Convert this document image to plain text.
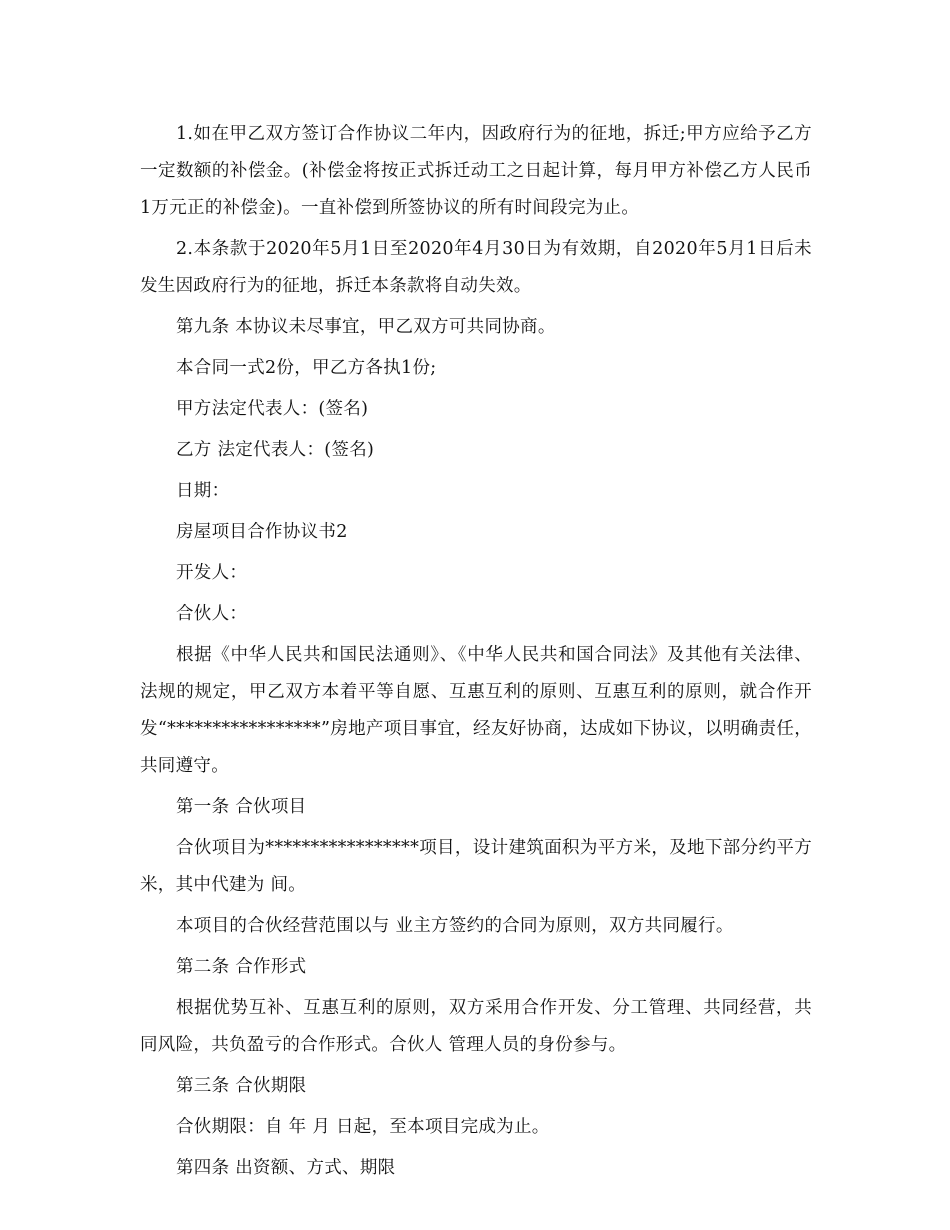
1.如在甲乙双方签订合作协议二年内，因政府行为的征地，拆迁;甲方应给予乙方一定数额的补偿金。(补偿金将按正式拆迁动工之日起计算，每月甲方补偿乙方人民币1万元正的补偿金)。一直补偿到所签协议的所有时间段完为止。

2.本条款于2020年5月1日至2020年4月30日为有效期，自2020年5月1日后未发生因政府行为的征地，拆迁本条款将自动失效。

第九条 本协议未尽事宜，甲乙双方可共同协商。

本合同一式2份，甲乙方各执1份;

甲方法定代表人：(签名)

乙方 法定代表人：(签名)

日期：

房屋项目合作协议书2

开发人：

合伙人：

根据《中华人民共和国民法通则》、《中华人民共和国合同法》及其他有关法律、法规的规定，甲乙双方本着平等自愿、互惠互利的原则、互惠互利的原则，就合作开发“*****************”房地产项目事宜，经友好协商，达成如下协议，以明确责任，共同遵守。

第一条 合伙项目

合伙项目为*****************项目，设计建筑面积为平方米，及地下部分约平方米，其中代建为 间。

本项目的合伙经营范围以与 业主方签约的合同为原则，双方共同履行。

第二条 合作形式

根据优势互补、互惠互利的原则，双方采用合作开发、分工管理、共同经营，共同风险，共负盈亏的合作形式。合伙人 管理人员的身份参与。

第三条 合伙期限

合伙期限：自 年 月 日起，至本项目完成为止。

第四条 出资额、方式、期限
